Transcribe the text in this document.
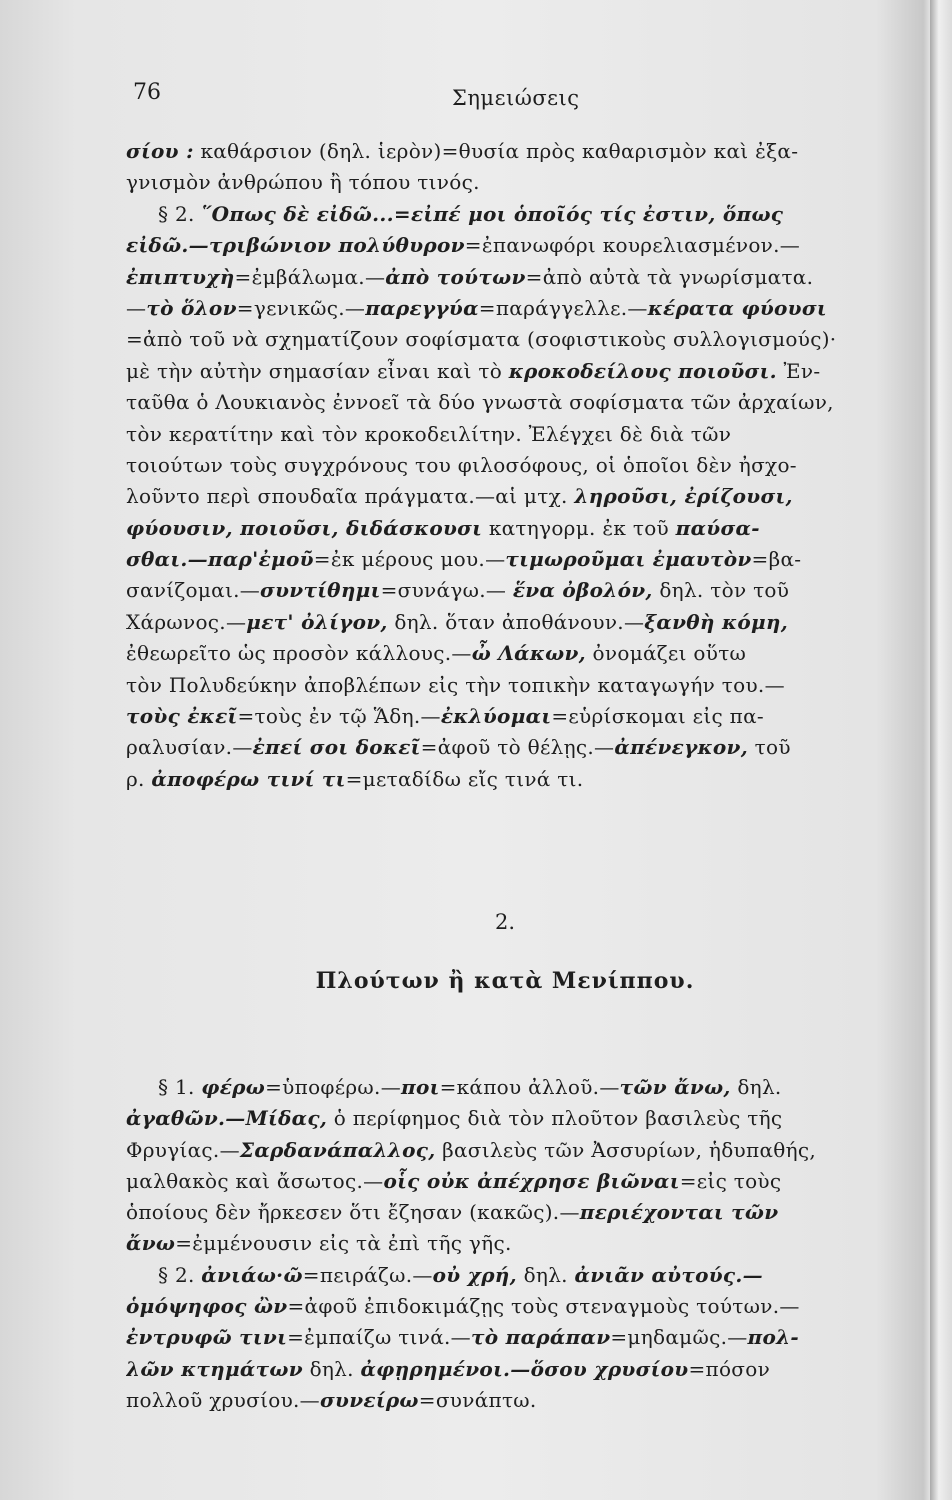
76	Σημειώσεις
σίου : καθάρσιον (δηλ. ἱερὸν)=θυσία πρὸς καθαρισμὸν καὶ ἐξα-
γνισμὸν ἀνθρώπου ἢ τόπου τινός.
§ 2. ῞Οπως δὲ εἰδῶ...=εἰπέ μοι ὁποῖός τίς ἐστιν, ὅπως
εἰδῶ.—τριβώνιον πολύθυρον=ἐπανωφόρι κουρελιασμένον.—
ἐπιπτυχὴ=ἐμβάλωμα.—ἀπὸ τούτων=ἀπὸ αὐτὰ τὰ γνωρίσματα.
—τὸ ὅλον=γενικῶς.—παρεγγύα=παράγγελλε.—κέρατα φύουσι
=ἀπὸ τοῦ νὰ σχηματίζουν σοφίσματα (σοφιστικοὺς συλλογισμούς)·
μὲ τὴν αὐτὴν σημασίαν εἶναι καὶ τὸ κροκοδείλους ποιοῦσι. Ἐν-
ταῦθα ὁ Λουκιανὸς ἐννοεῖ τὰ δύο γνωστὰ σοφίσματα τῶν ἀρχαίων,
τὸν κερατίτην καὶ τὸν κροκοδειλίτην. Ἐλέγχει δὲ διὰ τῶν
τοιούτων τοὺς συγχρόνους του φιλοσόφους, οἱ ὁποῖοι δὲν ἠσχο-
λοῦντο περὶ σπουδαῖα πράγματα.—αἱ μτχ. ληροῦσι, ἐρίζουσι,
φύουσιν, ποιοῦσι, διδάσκουσι κατηγορμ. ἐκ τοῦ παύσα-
σθαι.—παρ'ἐμοῦ=ἐκ μέρους μου.—τιμωροῦμαι ἐμαυτὸν=βα-
σανίζομαι.—συντίθημι=συνάγω.— ἕνα ὀβολόν, δηλ. τὸν τοῦ
Χάρωνος.—μετ' ὀλίγον, δηλ. ὅταν ἀποθάνουν.—ξανθὴ κόμη,
ἐθεωρεῖτο ὡς προσὸν κάλλους.—ὦ Λάκων, ὀνομάζει οὕτω
τὸν Πολυδεύκην ἀποβλέπων εἰς τὴν τοπικὴν καταγωγήν του.—
τοὺς ἐκεῖ=τοὺς ἐν τῷ Ἅδη.—ἐκλύομαι=εὑρίσκομαι εἰς πα-
ραλυσίαν.—ἐπεί σοι δοκεῖ=ἀφοῦ τὸ θέλῃς.—ἀπένεγκον, τοῦ
ρ. ἀποφέρω τινί τι=μεταδίδω εἴς τινά τι.
2.
Πλούτων ἢ κατὰ Μενίππου.
§ 1. φέρω=ὑποφέρω.—ποι=κάπου ἀλλοῦ.—τῶν ἄνω, δηλ.
ἀγαθῶν.—Μίδας, ὁ περίφημος διὰ τὸν πλοῦτον βασιλεὺς τῆς
Φρυγίας.—Σαρδανάπαλλος, βασιλεὺς τῶν Ἀσσυρίων, ἡδυπαθής,
μαλθακὸς καὶ ἄσωτος.—οἷς οὐκ ἀπέχρησε βιῶναι=εἰς τοὺς
ὁποίους δὲν ἤρκεσεν ὅτι ἔζησαν (κακῶς).—περιέχονται τῶν
ἄνω=ἐμμένουσιν εἰς τὰ ἐπὶ τῆς γῆς.
§ 2. ἀνιάω·ῶ=πειράζω.—οὐ χρή, δηλ. ἀνιᾶν αὐτούς.—
ὁμόψηφος ὢν=ἀφοῦ ἐπιδοκιμάζῃς τοὺς στεναγμοὺς τούτων.—
ἐντρυφῶ τινι=ἐμπαίζω τινά.—τὸ παράπαν=μηδαμῶς.—πολ-
λῶν κτημάτων δηλ. ἀφῃρημένοι.—ὅσου χρυσίου=πόσον
πολλοῦ χρυσίου.—συνείρω=συνάπτω.
